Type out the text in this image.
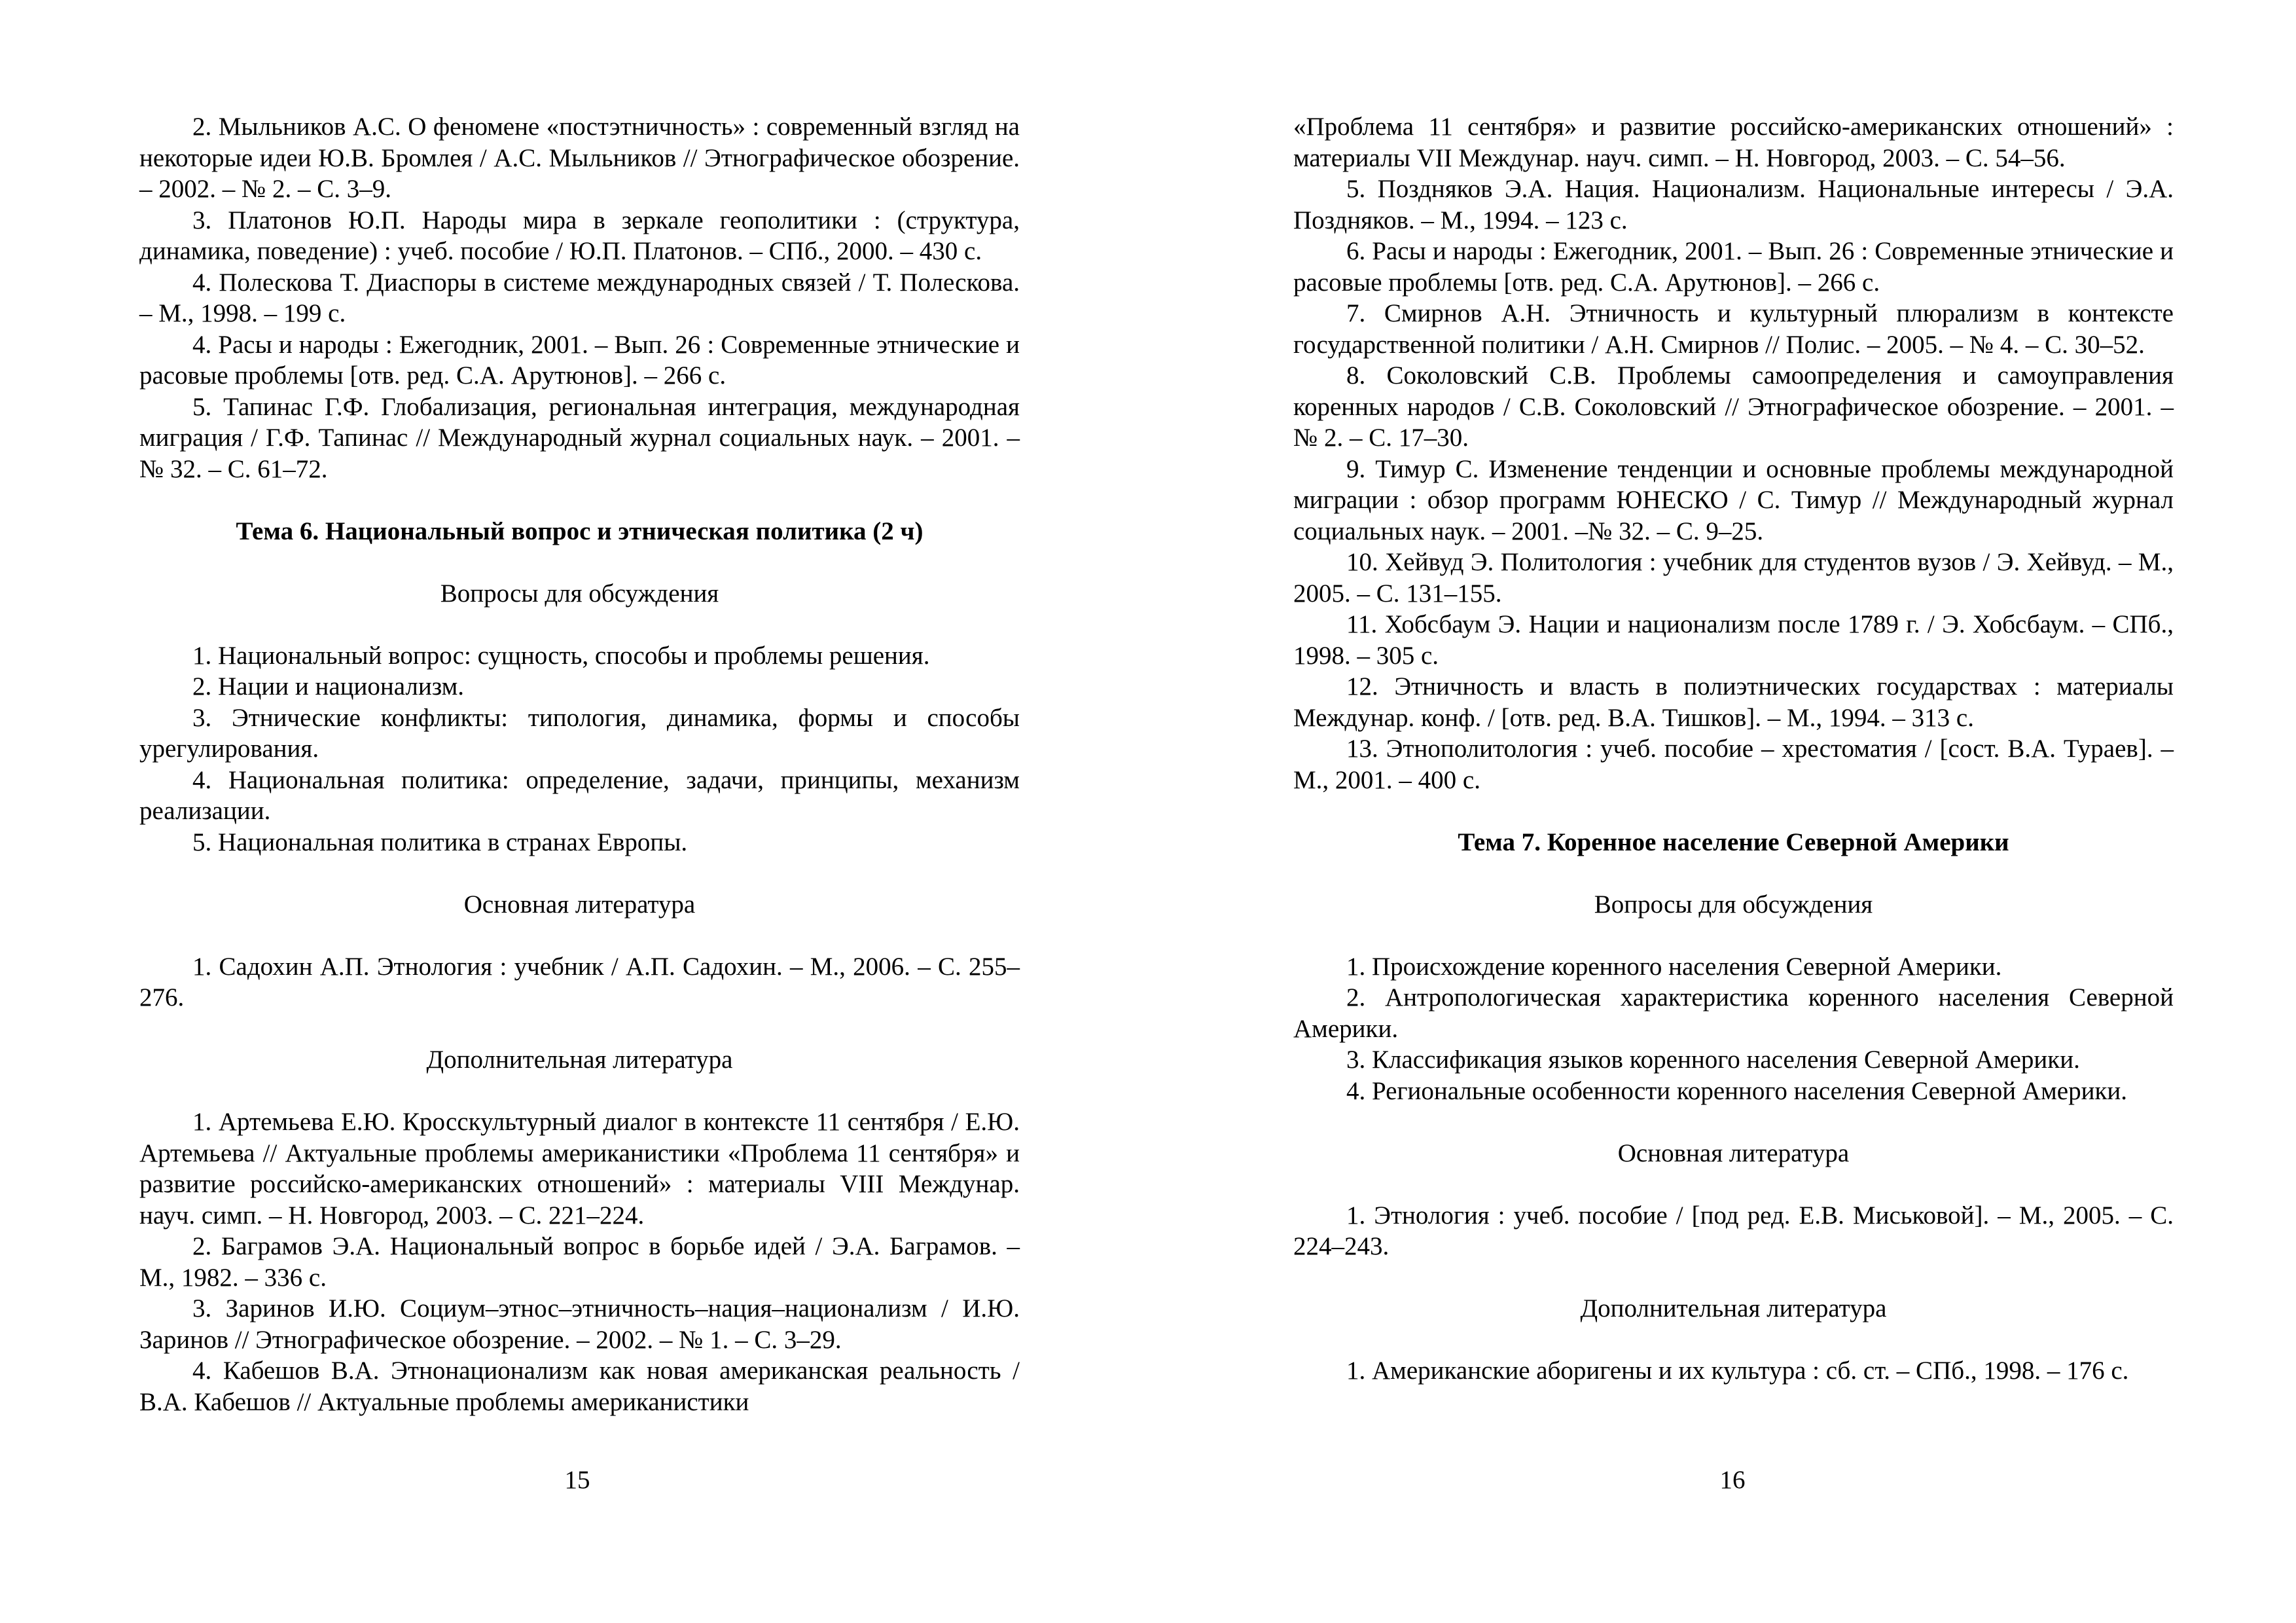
2. Мыльников А.С. О феномене «постэтничность» : современный взгляд на некоторые идеи Ю.В. Бромлея / А.С. Мыльников // Этнографическое обозрение. – 2002. – № 2. – С. 3–9.

3. Платонов Ю.П. Народы мира в зеркале геополитики : (структура, динамика, поведение) : учеб. пособие / Ю.П. Платонов. – СПб., 2000. – 430 с.

4. Полескова Т. Диаспоры в системе международных связей / Т. Полескова. – М., 1998. – 199 с.

4. Расы и народы : Ежегодник, 2001. – Вып. 26 : Современные этнические и расовые проблемы [отв. ред. С.А. Арутюнов]. – 266 с.

5. Тапинас Г.Ф. Глобализация, региональная интеграция, международная миграция / Г.Ф. Тапинас // Международный журнал социальных наук. – 2001. – № 32. – С. 61–72.

Тема 6. Национальный вопрос и этническая политика (2 ч)

Вопросы для обсуждения

1. Национальный вопрос: сущность, способы и проблемы решения.

2. Нации и национализм.

3. Этнические конфликты: типология, динамика, формы и способы урегулирования.

4. Национальная политика: определение, задачи, принципы, механизм реализации.

5. Национальная политика в странах Европы.

Основная литература

1. Садохин А.П. Этнология : учебник / А.П. Садохин. – М., 2006. – С. 255–276.

Дополнительная литература

1. Артемьева Е.Ю. Кросскультурный диалог в контексте 11 сентября / Е.Ю. Артемьева // Актуальные проблемы американистики «Проблема 11 сентября» и развитие российско-американских отношений» : материалы VIII Междунар. науч. симп. – Н. Новгород, 2003. – С. 221–224.

2. Баграмов Э.А. Национальный вопрос в борьбе идей / Э.А. Баграмов. – М., 1982. – 336 с.

3. Заринов И.Ю. Социум–этнос–этничность–нация–национализм / И.Ю. Заринов // Этнографическое обозрение. – 2002. – № 1. – С. 3–29.

4. Кабешов В.А. Этнонационализм как новая американская реальность / В.А. Кабешов // Актуальные проблемы американистики

15

«Проблема 11 сентября» и развитие российско-американских отношений» : материалы VII Междунар. науч. симп. – Н. Новгород, 2003. – С. 54–56.

5. Поздняков Э.А. Нация. Национализм. Национальные интересы / Э.А. Поздняков. – М., 1994. – 123 с.

6. Расы и народы : Ежегодник, 2001. – Вып. 26 : Современные этнические и расовые проблемы [отв. ред. С.А. Арутюнов]. – 266 с.

7. Смирнов А.Н. Этничность и культурный плюрализм в контексте государственной политики / А.Н. Смирнов // Полис. – 2005. – № 4. – С. 30–52.

8. Соколовский С.В. Проблемы самоопределения и самоуправления коренных народов / С.В. Соколовский // Этнографическое обозрение. – 2001. – № 2. – С. 17–30.

9. Тимур С. Изменение тенденции и основные проблемы международной миграции : обзор программ ЮНЕСКО / С. Тимур // Международный журнал социальных наук. – 2001. –№ 32. – С. 9–25.

10. Хейвуд Э. Политология : учебник для студентов вузов / Э. Хейвуд. – М., 2005. – С. 131–155.

11. Хобсбаум Э. Нации и национализм после 1789 г. / Э. Хобсбаум. – СПб., 1998. – 305 с.

12. Этничность и власть в полиэтнических государствах : материалы Междунар. конф. / [отв. ред. В.А. Тишков]. – М., 1994. – 313 с.

13. Этнополитология : учеб. пособие – хрестоматия / [сост. В.А. Тураев]. – М., 2001. – 400 с.

Тема 7. Коренное население Северной Америки

Вопросы для обсуждения

1. Происхождение коренного населения Северной Америки.

2. Антропологическая характеристика коренного населения Северной Америки.

3. Классификация языков коренного населения Северной Америки.

4. Региональные особенности коренного населения Северной Америки.

Основная литература

1. Этнология : учеб. пособие / [под ред. Е.В. Миськовой]. – М., 2005. – С. 224–243.

Дополнительная литература

1. Американские аборигены и их культура : сб. ст. – СПб., 1998. – 176 с.

16
